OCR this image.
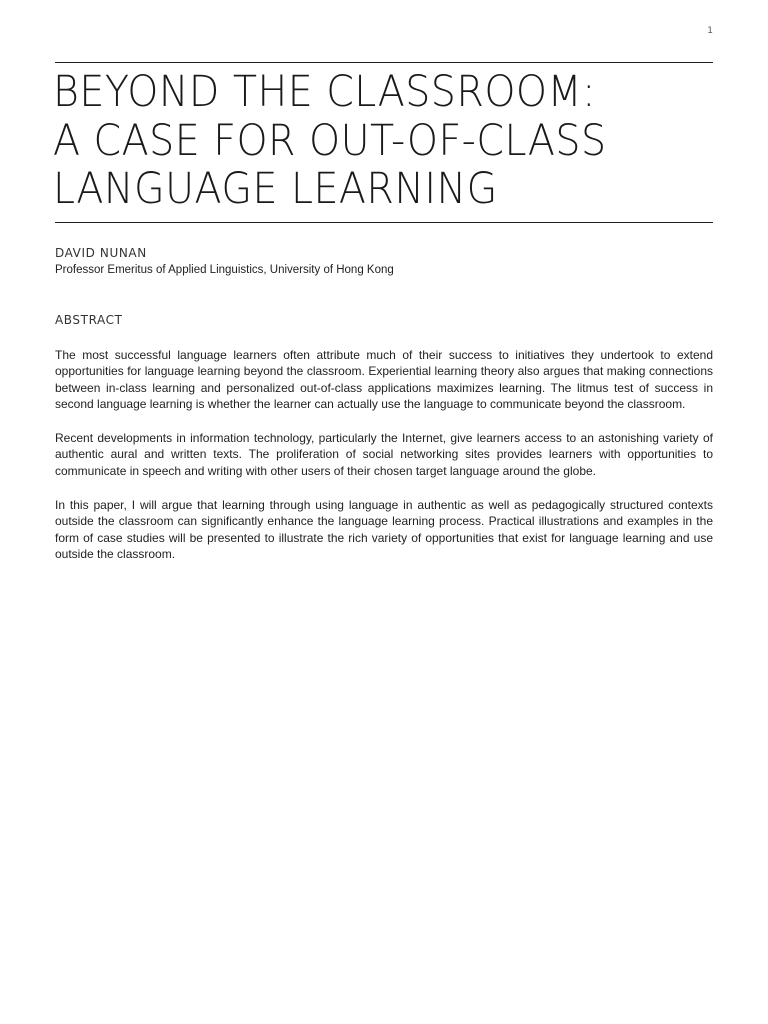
1
BEYOND THE CLASSROOM:
A CASE FOR OUT-OF-CLASS
LANGUAGE LEARNING
DAVID NUNAN
Professor Emeritus of Applied Linguistics, University of Hong Kong
ABSTRACT

The most successful language learners often attribute much of their success to initiatives they undertook to extend opportunities for language learning beyond the classroom. Experiential learning theory also argues that making connections between in-class learning and personalized out-of-class applications maximizes learning. The litmus test of success in second language learning is whether the learner can actually use the language to communicate beyond the classroom.

Recent developments in information technology, particularly the Internet, give learners access to an astonishing variety of authentic aural and written texts. The proliferation of social networking sites provides learners with opportunities to communicate in speech and writing with other users of their chosen target language around the globe.

In this paper, I will argue that learning through using language in authentic as well as pedagogically structured contexts outside the classroom can significantly enhance the language learning process. Practical illustrations and examples in the form of case studies will be presented to illustrate the rich variety of opportunities that exist for language learning and use outside the classroom.
